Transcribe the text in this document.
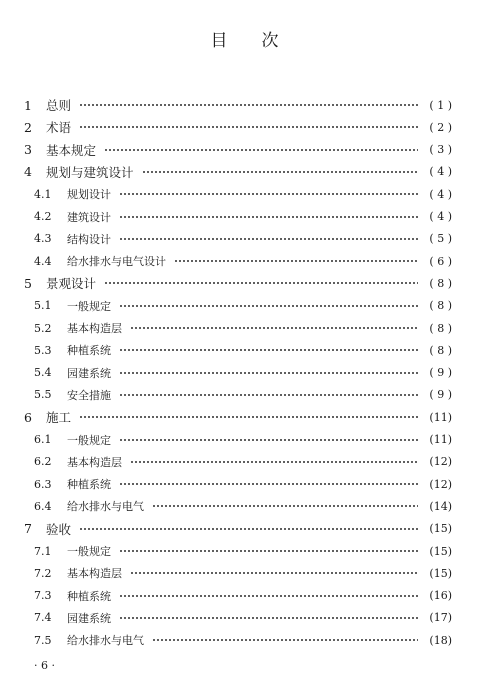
目 次
1	总则	( 1 )
2	术语	( 2 )
3	基本规定	( 3 )
4	规划与建筑设计	( 4 )
4.1	规划设计	( 4 )
4.2	建筑设计	( 4 )
4.3	结构设计	( 5 )
4.4	给水排水与电气设计	( 6 )
5	景观设计	( 8 )
5.1	一般规定	( 8 )
5.2	基本构造层	( 8 )
5.3	种植系统	( 8 )
5.4	园建系统	( 9 )
5.5	安全措施	( 9 )
6	施工	(11)
6.1	一般规定	(11)
6.2	基本构造层	(12)
6.3	种植系统	(12)
6.4	给水排水与电气	(14)
7	验收	(15)
7.1	一般规定	(15)
7.2	基本构造层	(15)
7.3	种植系统	(16)
7.4	园建系统	(17)
7.5	给水排水与电气	(18)
· 6 ·
